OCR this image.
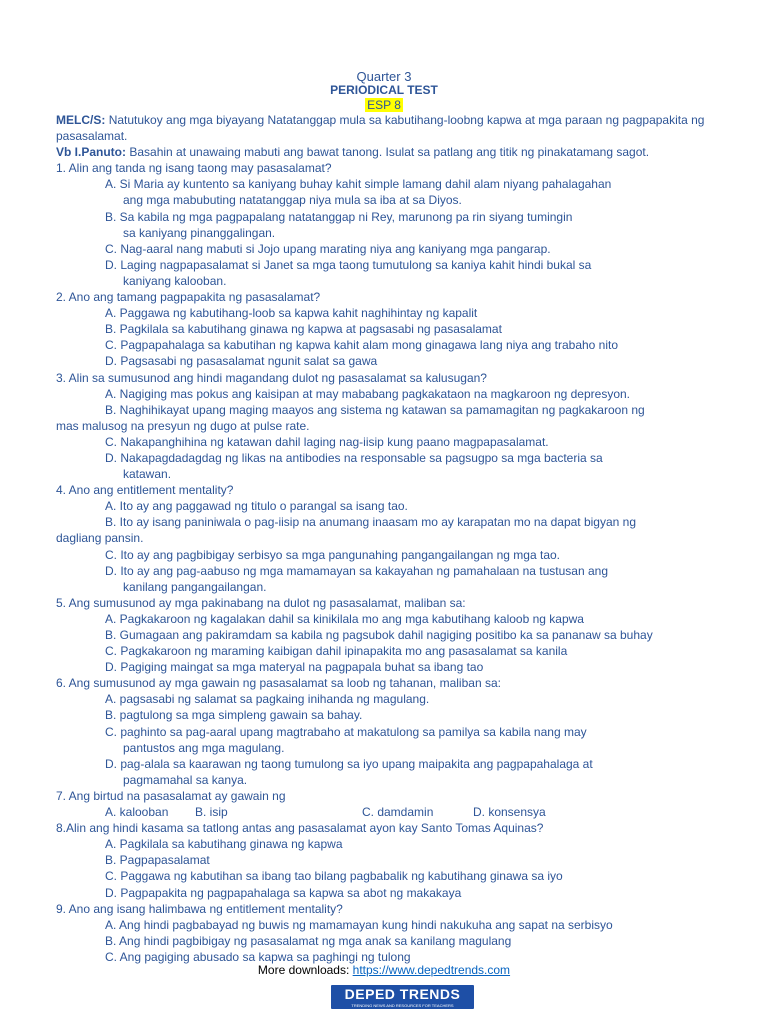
Quarter 3
PERIODICAL TEST
ESP 8
MELC/S: Natutukoy ang mga biyayang Natatanggap mula sa kabutihang-loobng kapwa at mga paraan ng pagpapakita ng pasasalamat.
Vb I.Panuto: Basahin at unawaing mabuti ang bawat tanong. Isulat sa patlang ang titik ng pinakatamang sagot.
1. Alin ang tanda ng isang taong may pasasalamat?
A. Si Maria ay kuntento sa kaniyang buhay kahit simple lamang dahil alam niyang pahalagahan
ang mga mabubuting natatanggap niya mula sa iba at sa Diyos.
B. Sa kabila ng mga pagpapalang natatanggap ni Rey, marunong pa rin siyang tumingin
sa kaniyang pinanggalingan.
C. Nag-aaral nang mabuti si Jojo upang marating niya ang kaniyang mga pangarap.
D. Laging nagpapasalamat si Janet sa mga taong tumutulong sa kaniya kahit hindi bukal sa
kaniyang kalooban.
2. Ano ang tamang pagpapakita ng pasasalamat?
A. Paggawa ng kabutihang-loob sa kapwa kahit naghihintay ng kapalit
B. Pagkilala sa kabutihang ginawa ng kapwa at pagsasabi ng pasasalamat
C. Pagpapahalaga sa kabutihan ng kapwa kahit alam mong ginagawa lang niya ang trabaho nito
D. Pagsasabi ng pasasalamat ngunit salat sa gawa
3. Alin sa sumusunod ang hindi magandang dulot ng pasasalamat sa kalusugan?
A. Nagiging mas pokus ang kaisipan at may mababang pagkakataon na magkaroon ng depresyon.
B. Naghihikayat upang maging maayos ang sistema ng katawan sa pamamagitan ng pagkakaroon ng
mas malusog na presyun ng dugo at pulse rate.
C. Nakapanghihina ng katawan dahil laging nag-iisip kung paano magpapasalamat.
D. Nakapagdadagdag ng likas na antibodies na responsable sa pagsugpo sa mga bacteria sa
katawan.
4. Ano ang entitlement mentality?
A. Ito ay ang paggawad ng titulo o parangal sa isang tao.
B. Ito ay isang paniniwala o pag-iisip na anumang inaasam mo ay karapatan mo na dapat bigyan ng
dagliang pansin.
C. Ito ay ang pagbibigay serbisyo sa mga pangunahing pangangailangan ng mga tao.
D. Ito ay ang pag-aabuso ng mga mamamayan sa kakayahan ng pamahalaan na tustusan ang
kanilang pangangailangan.
5. Ang sumusunod ay mga pakinabang na dulot ng pasasalamat, maliban sa:
A. Pagkakaroon ng kagalakan dahil sa kinikilala mo ang mga kabutihang kaloob ng kapwa
B. Gumagaan ang pakiramdam sa kabila ng pagsubok dahil nagiging positibo ka sa pananaw sa buhay
C. Pagkakaroon ng maraming kaibigan dahil ipinapakita mo ang pasasalamat sa kanila
D. Pagiging maingat sa mga materyal na pagpapala buhat sa ibang tao
6. Ang sumusunod ay mga gawain ng pasasalamat sa loob ng tahanan, maliban sa:
A. pagsasabi ng salamat sa pagkaing inihanda ng magulang.
B. pagtulong sa mga simpleng gawain sa bahay.
C. paghinto sa pag-aaral upang magtrabaho at makatulong sa pamilya sa kabila nang may
pantustos ang mga magulang.
D. pag-alala sa kaarawan ng taong tumulong sa iyo upang maipakita ang pagpapahalaga at
pagmamahal sa kanya.
7. Ang birtud na pasasalamat ay gawain ng
A. kalooban B. isip	C. damdamin	D. konsensya
8.Alin ang hindi kasama sa tatlong antas ang pasasalamat ayon kay Santo Tomas Aquinas?
A. Pagkilala sa kabutihang ginawa ng kapwa
B. Pagpapasalamat
C. Paggawa ng kabutihan sa ibang tao bilang pagbabalik ng kabutihang ginawa sa iyo
D. Pagpapakita ng pagpapahalaga sa kapwa sa abot ng makakaya
9. Ano ang isang halimbawa ng entitlement mentality?
A. Ang hindi pagbabayad ng buwis ng mamamayan kung hindi nakukuha ang sapat na serbisyo
B. Ang hindi pagbibigay ng pasasalamat ng mga anak sa kanilang magulang
C. Ang pagiging abusado sa kapwa sa paghingi ng tulong
More downloads: https://www.depedtrends.com
DEPED TRENDS
TRENDING NEWS AND RESOURCES FOR TEACHERS
